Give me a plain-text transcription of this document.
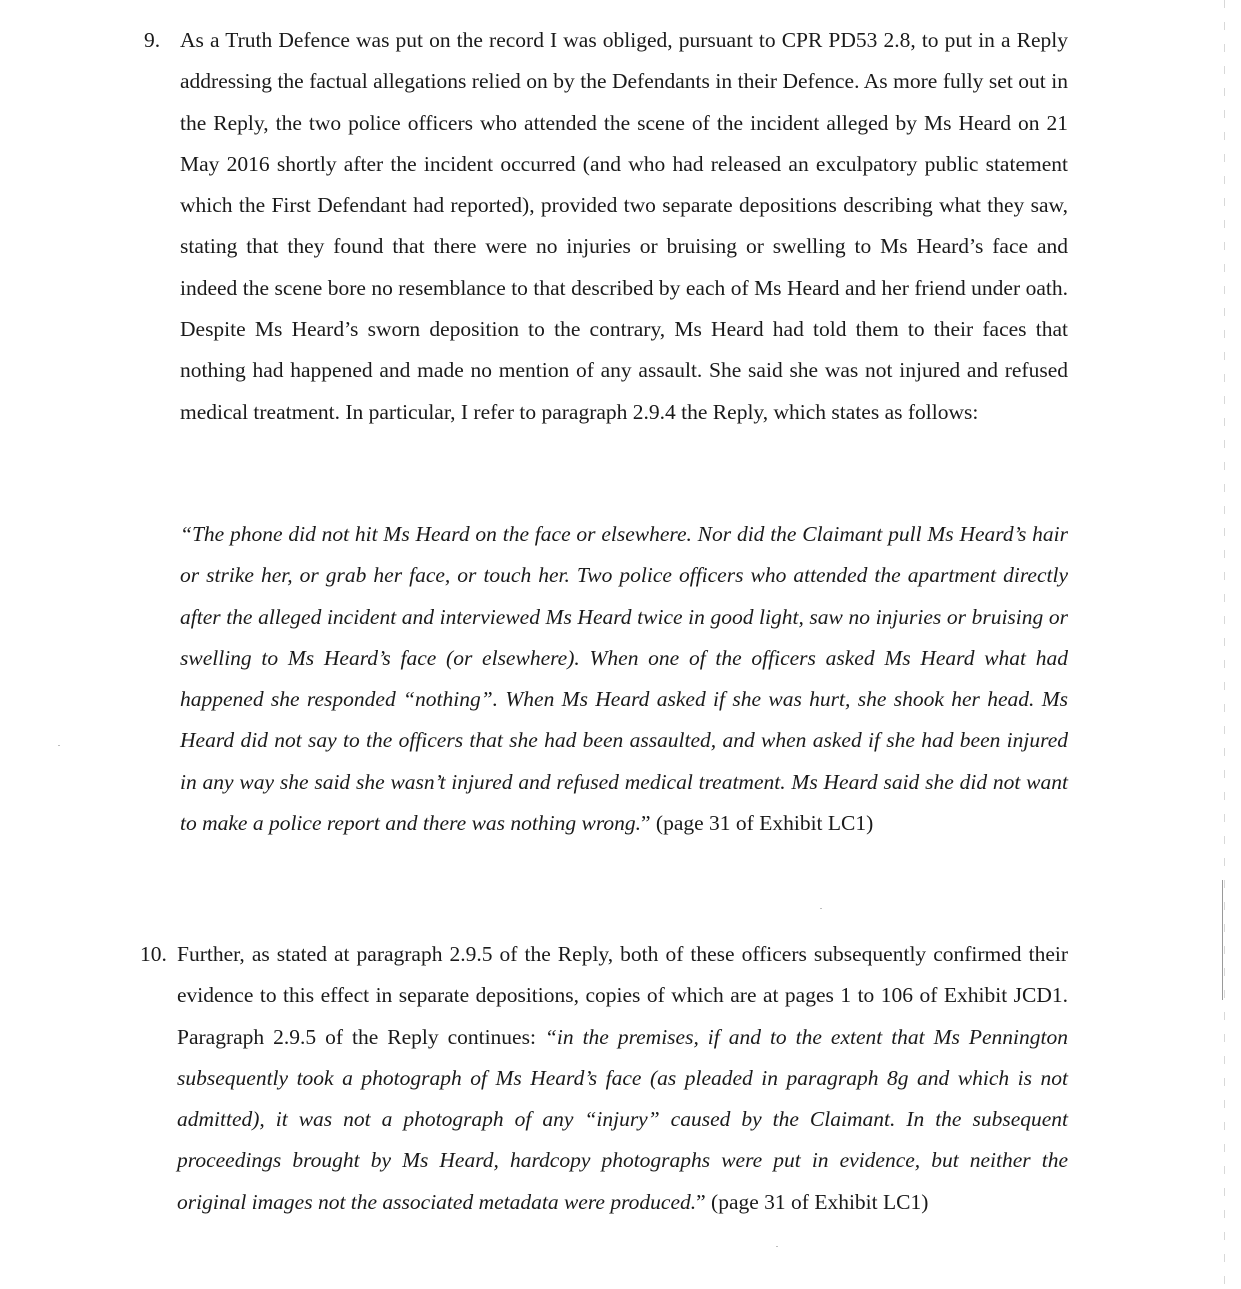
9. As a Truth Defence was put on the record I was obliged, pursuant to CPR PD53 2.8, to put in a Reply addressing the factual allegations relied on by the Defendants in their Defence. As more fully set out in the Reply, the two police officers who attended the scene of the incident alleged by Ms Heard on 21 May 2016 shortly after the incident occurred (and who had released an exculpatory public statement which the First Defendant had reported), provided two separate depositions describing what they saw, stating that they found that there were no injuries or bruising or swelling to Ms Heard’s face and indeed the scene bore no resemblance to that described by each of Ms Heard and her friend under oath. Despite Ms Heard’s sworn deposition to the contrary, Ms Heard had told them to their faces that nothing had happened and made no mention of any assault. She said she was not injured and refused medical treatment. In particular, I refer to paragraph 2.9.4 the Reply, which states as follows:
“The phone did not hit Ms Heard on the face or elsewhere. Nor did the Claimant pull Ms Heard’s hair or strike her, or grab her face, or touch her. Two police officers who attended the apartment directly after the alleged incident and interviewed Ms Heard twice in good light, saw no injuries or bruising or swelling to Ms Heard’s face (or elsewhere). When one of the officers asked Ms Heard what had happened she responded “nothing”. When Ms Heard asked if she was hurt, she shook her head. Ms Heard did not say to the officers that she had been assaulted, and when asked if she had been injured in any way she said she wasn’t injured and refused medical treatment. Ms Heard said she did not want to make a police report and there was nothing wrong.” (page 31 of Exhibit LC1)
10. Further, as stated at paragraph 2.9.5 of the Reply, both of these officers subsequently confirmed their evidence to this effect in separate depositions, copies of which are at pages 1 to 106 of Exhibit JCD1. Paragraph 2.9.5 of the Reply continues: “in the premises, if and to the extent that Ms Pennington subsequently took a photograph of Ms Heard’s face (as pleaded in paragraph 8g and which is not admitted), it was not a photograph of any “injury” caused by the Claimant. In the subsequent proceedings brought by Ms Heard, hardcopy photographs were put in evidence, but neither the original images not the associated metadata were produced.” (page 31 of Exhibit LC1)
